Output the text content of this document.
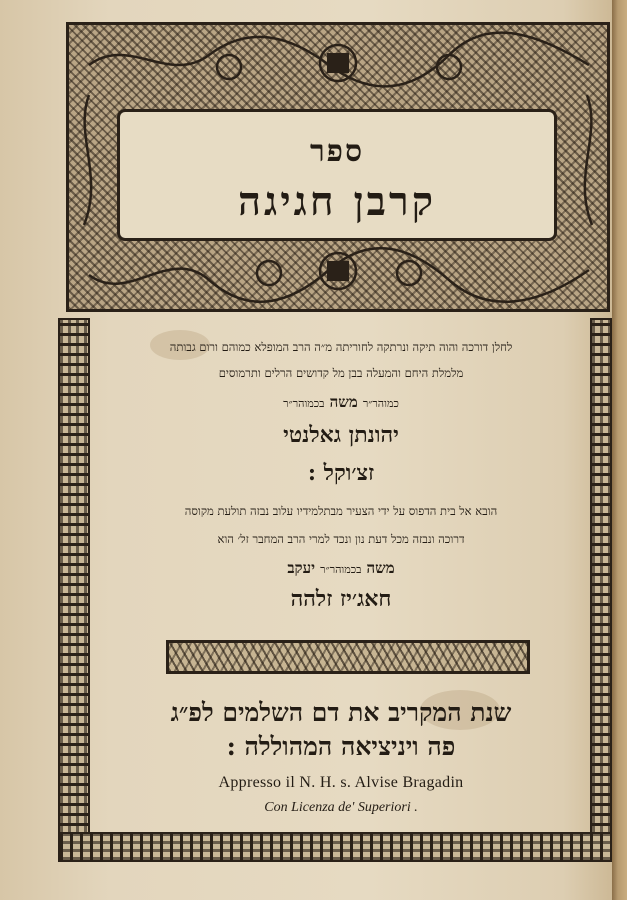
ספר
קרבן חגיגה
לחלן דורכה והוה תיקה ונרתקה לחוריתה מ״ה הרב המופלא כמוהם ורום גבותה
מלמלת היחם והמעלה בבן מל קדושים הרלים ותרמוסים
כמוהר״ר משה בכמוהר״ר
יהונתן גאלנטי
זצ׳וקל :
הובא אל בית הדפוס על ידי הצעיר מבתלמידיו עלוב נבזה תולעת מקוסה
דרוכה ונבזה מכל דעת נון ונכד למרי הרב המחבר זל׳ הוא
משה בכמוהר״ר יעקב
חאג׳יז זלהה
שנת המקריב את דם השלמים לפ״ג
פה ויניציאה המהוללה :
Appresso il N. H. s. Alvise Bragadin
Con Licenza de' Superiori .
